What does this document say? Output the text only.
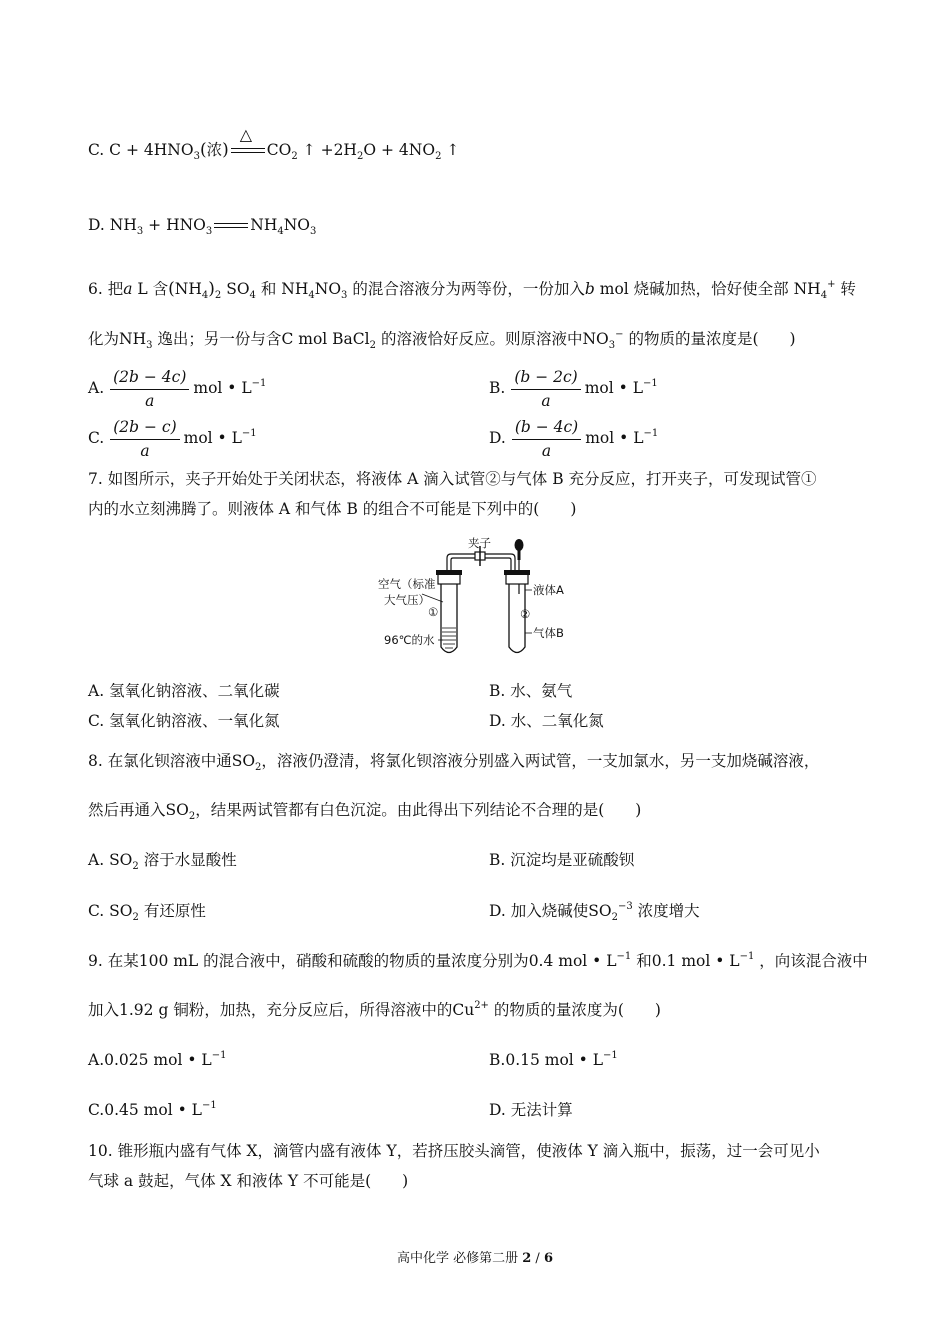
C. $C + 4HNO_3$(浓)
△
$CO_2$ ↑ $+2H_2O + 4NO_2$ ↑
D. $NH_3 + HNO_3$ $NH_4NO_3$
6. 把a L 含$(NH_4)_2$ $SO_4$ 和 $NH_4NO_3$ 的混合溶液分为两等份，一份加入b mol 烧碱加热，恰好使全部 $NH_4^+$ 转
化为$NH_3$ 逸出；另一份与含C mol BaCl$_2$ 的溶液恰好反应。则原溶液中$NO_3^-$ 的物质的量浓度是(　　)
A. $\frac{(2b - 4c)}{a}$ mol • $L^{-1}$	B. $\frac{(b - 2c)}{a}$ mol • $L^{-1}$
C. $\frac{(2b - c)}{a}$ mol • $L^{-1}$	D. $\frac{(b - 4c)}{a}$ mol • $L^{-1}$
7. 如图所示，夹子开始处于关闭状态，将液体 A 滴入试管②与气体 B 充分反应，打开夹子，可发现试管①
内的水立刻沸腾了。则液体 A 和气体 B 的组合不可能是下列中的(　　)
夹子
空气（标准
大气压）
①
96℃的水
液体A
②
气体B
A. 氢氧化钠溶液、二氧化碳	B. 水、氨气
C. 氢氧化钠溶液、一氧化氮	D. 水、二氧化氮
8. 在氯化钡溶液中通$SO_2$，溶液仍澄清，将氯化钡溶液分别盛入两试管，一支加氯水，另一支加烧碱溶液，
然后再通入$SO_2$，结果两试管都有白色沉淀。由此得出下列结论不合理的是(　　)
A. $SO_2$ 溶于水显酸性	B. 沉淀均是亚硫酸钡
C. $SO_2$ 有还原性	D. 加入烧碱使$SO_2^{-3}$ 浓度增大
9. 在某100 mL 的混合液中，硝酸和硫酸的物质的量浓度分别为0.4 mol • $L^{-1}$ 和0.1 mol • $L^{-1}$ ，向该混合液中
加入1.92 g 铜粉，加热，充分反应后，所得溶液中的$Cu^{2+}$ 的物质的量浓度为(　　)
A.0.025 mol • $L^{-1}$	B.0.15 mol • $L^{-1}$
C.0.45 mol • $L^{-1}$	D. 无法计算
10. 锥形瓶内盛有气体 X，滴管内盛有液体 Y，若挤压胶头滴管，使液体 Y 滴入瓶中，振荡，过一会可见小
气球 a 鼓起，气体 X 和液体 Y 不可能是(　　)
高中化学 必修第二册 2 / 6
